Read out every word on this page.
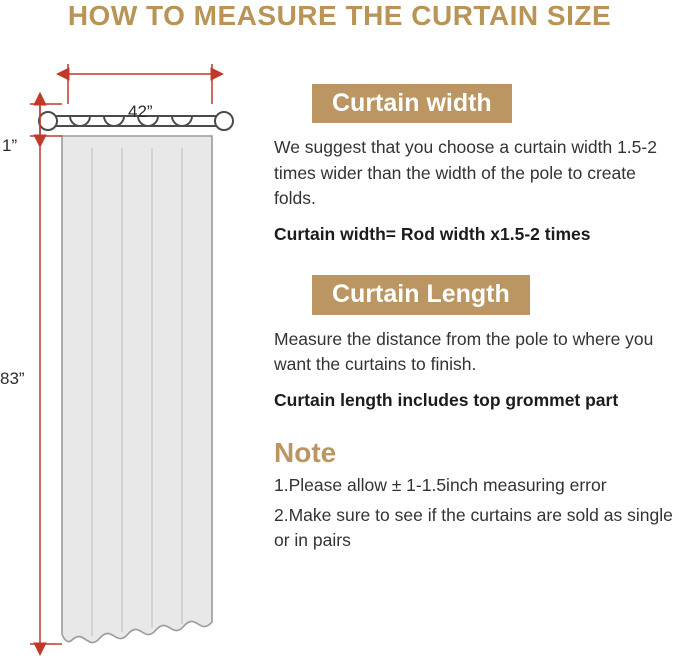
HOW TO MEASURE THE CURTAIN SIZE
42”
1”
83”
Curtain width

We suggest that you choose a curtain width 1.5-2 times wider than the width of the pole to create folds.

Curtain width= Rod width x1.5-2 times

Curtain Length

Measure the distance from the pole to where you want the curtains to finish.

Curtain length includes top grommet part

Note

1.Please allow ± 1-1.5inch measuring error

2.Make sure to see if the curtains are sold as single or in pairs
